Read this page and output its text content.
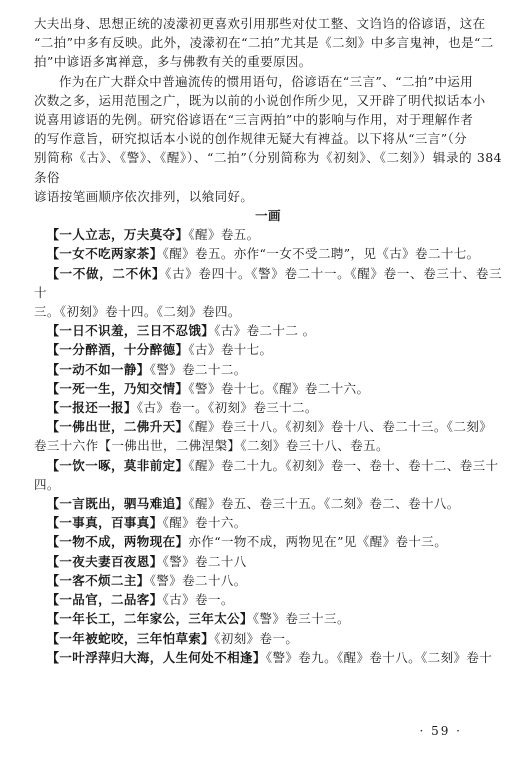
大夫出身、思想正统的凌濛初更喜欢引用那些对仗工整、文诌诌的俗谚语，这在
“二拍”中多有反映。此外，凌濛初在“二拍”尤其是《二刻》中多言鬼神，也是“二
拍”中谚语多寓禅意，多与佛教有关的重要原因。
作为在广大群众中普遍流传的惯用语句，俗谚语在“三言”、“二拍”中运用
次数之多，运用范围之广，既为以前的小说创作所少见，又开辟了明代拟话本小
说喜用谚语的先例。研究俗谚语在“三言两拍”中的影响与作用，对于理解作者
的写作意旨，研究拟话本小说的创作规律无疑大有裨益。以下将从“三言”（分
别简称《古》、《警》、《醒》）、“二拍”（分别简称为《初刻》、《二刻》）辑录的 384 条俗
谚语按笔画顺序依次排列，以飨同好。

一画

【一人立志，万夫莫夺】《醒》卷五。
【一女不吃两家茶】《醒》卷五。亦作“一女不受二聘”，见《古》卷二十七。
【一不做，二不休】《古》卷四十。《警》卷二十一。《醒》卷一、卷三十、卷三十
三。《初刻》卷十四。《二刻》卷四。
【一日不识羞，三日不忍饿】《古》卷二十二 。
【一分醉酒，十分醉德】《古》卷十七。
【一动不如一静】《警》卷二十二。
【一死一生，乃知交情】《警》卷十七。《醒》卷二十六。
【一报还一报】《古》卷一。《初刻》卷三十二。
【一佛出世，二佛升天】《醒》卷三十八。《初刻》卷十八、卷二十三。《二刻》
卷三十六作【一佛出世，二佛涅槃】《二刻》卷三十八、卷五。
【一饮一啄，莫非前定】《醒》卷二十九。《初刻》卷一、卷十、卷十二、卷三十
四。
【一言既出，驷马难追】《醒》卷五、卷三十五。《二刻》卷二、卷十八。
【一事真，百事真】《醒》卷十六。
【一物不成，两物现在】亦作“一物不成，两物见在”见《醒》卷十三。
【一夜夫妻百夜恩】《警》卷二十八
【一客不烦二主】《警》卷二十八。
【一品官，二品客】《古》卷一。
【一年长工，二年家公，三年太公】《警》卷三十三。
【一年被蛇咬，三年怕草索】《初刻》卷一。
【一叶浮萍归大海，人生何处不相逢】《警》卷九。《醒》卷十八。《二刻》卷十
· 59 ·
